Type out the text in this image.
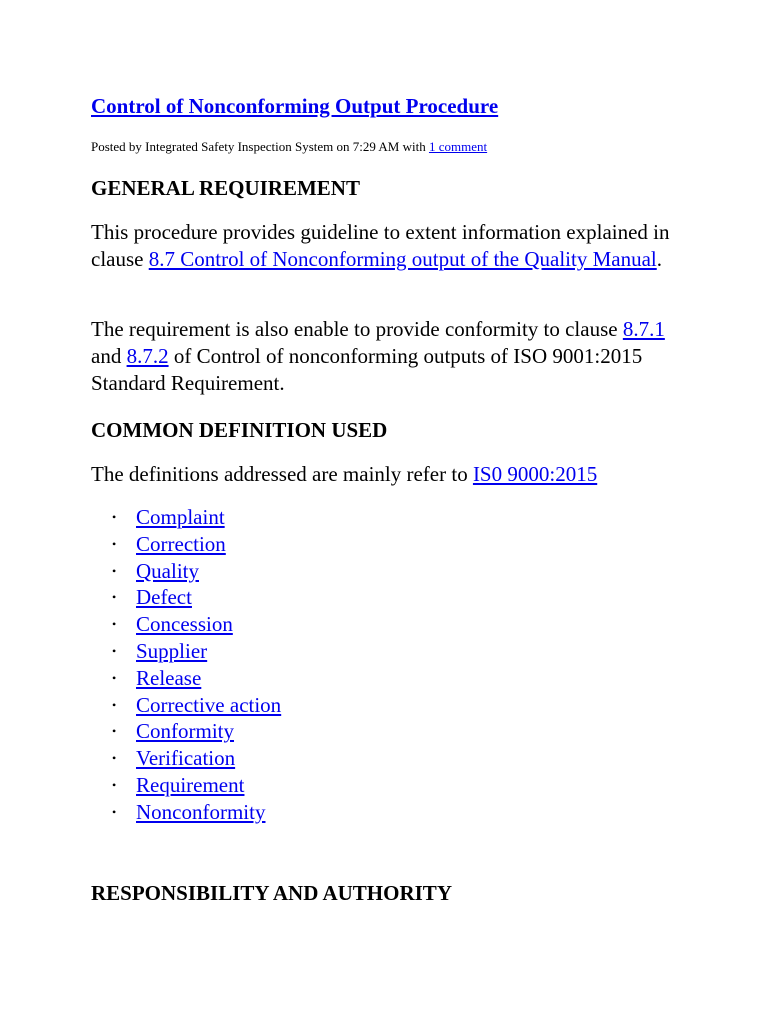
Control of Nonconforming Output Procedure

Posted by Integrated Safety Inspection System on 7:29 AM with 1 comment

GENERAL REQUIREMENT

This procedure provides guideline to extent information explained in clause 8.7 Control of Nonconforming output of the Quality Manual.

The requirement is also enable to provide conformity to clause 8.7.1 and 8.7.2 of Control of nonconforming outputs of ISO 9001:2015 Standard Requirement.

COMMON DEFINITION USED

The definitions addressed are mainly refer to IS0 9000:2015

• Complaint
• Correction
• Quality
• Defect
• Concession
• Supplier
• Release
• Corrective action
• Conformity
• Verification
• Requirement
• Nonconformity
RESPONSIBILITY AND AUTHORITY
